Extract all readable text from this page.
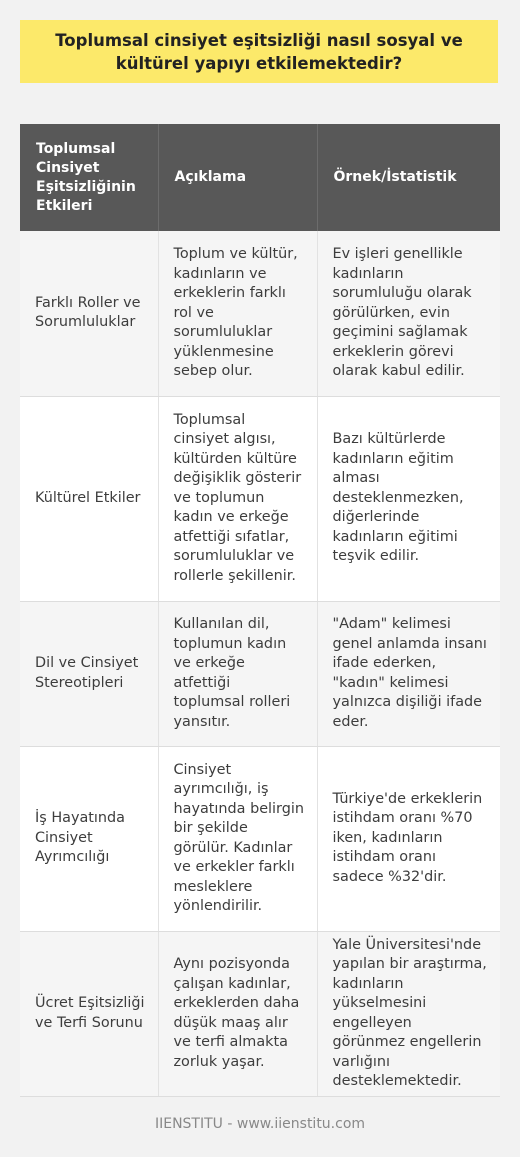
Toplumsal cinsiyet eşitsizliği nasıl sosyal ve kültürel yapıyı etkilemektedir?
Toplumsal Cinsiyet Eşitsizliğinin Etkileri	Açıklama	Örnek/İstatistik
Farklı Roller ve Sorumluluklar	Toplum ve kültür, kadınların ve erkeklerin farklı rol ve sorumluluklar yüklenmesine sebep olur.	Ev işleri genellikle kadınların sorumluluğu olarak görülürken, evin geçimini sağlamak erkeklerin görevi olarak kabul edilir.
Kültürel Etkiler	Toplumsal cinsiyet algısı, kültürden kültüre değişiklik gösterir ve toplumun kadın ve erkeğe atfettiği sıfatlar, sorumluluklar ve rollerle şekillenir.	Bazı kültürlerde kadınların eğitim alması desteklenmezken, diğerlerinde kadınların eğitimi teşvik edilir.
Dil ve Cinsiyet Stereotipleri	Kullanılan dil, toplumun kadın ve erkeğe atfettiği toplumsal rolleri yansıtır.	"Adam" kelimesi genel anlamda insanı ifade ederken, "kadın" kelimesi yalnızca dişiliği ifade eder.
İş Hayatında Cinsiyet Ayrımcılığı	Cinsiyet ayrımcılığı, iş hayatında belirgin bir şekilde görülür. Kadınlar ve erkekler farklı mesleklere yönlendirilir.	Türkiye'de erkeklerin istihdam oranı %70 iken, kadınların istihdam oranı sadece %32'dir.
Ücret Eşitsizliği ve Terfi Sorunu	Aynı pozisyonda çalışan kadınlar, erkeklerden daha düşük maaş alır ve terfi almakta zorluk yaşar.	Yale Üniversitesi'nde yapılan bir araştırma, kadınların yükselmesini engelleyen görünmez engellerin varlığını desteklemektedir.
IIENSTITU - www.iienstitu.com
